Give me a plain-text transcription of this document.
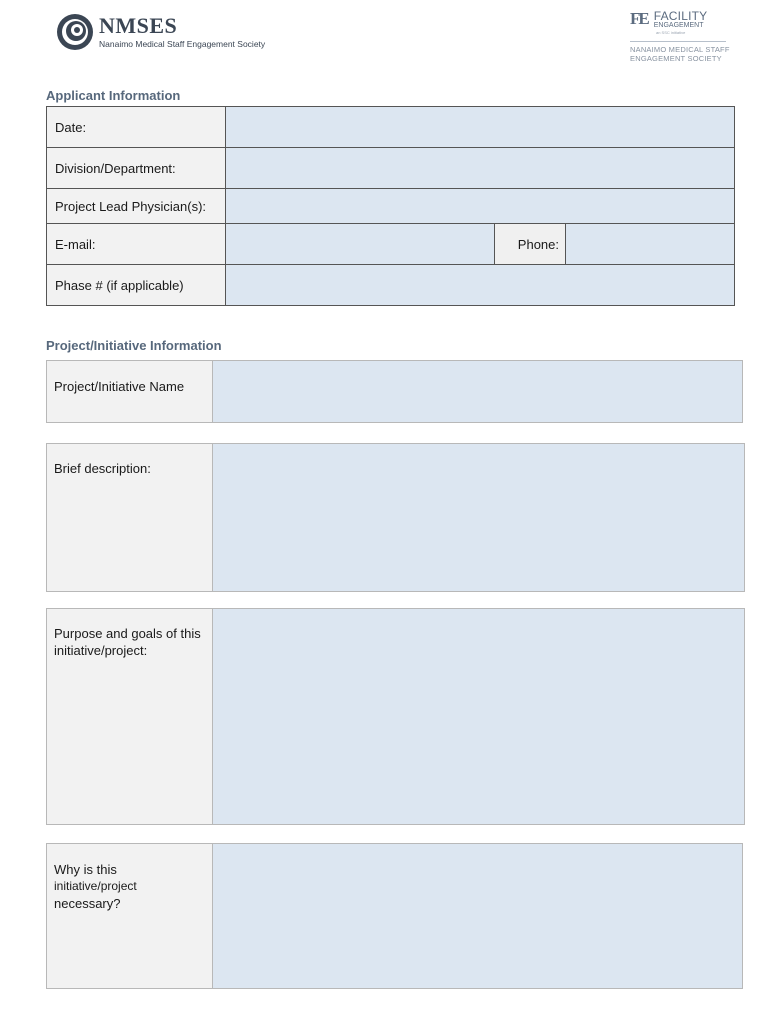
NMSES
Nanaimo Medical Staff Engagement Society
FE FACILITY
ENGAGEMENT
an SSC initiative
NANAIMO MEDICAL STAFF
ENGAGEMENT SOCIETY
Applicant Information
Date:			
Division/Department:			
Project Lead Physician(s):			
E-mail:		Phone:	
Phase # (if applicable)			
Project/Initiative Information
Project/Initiative Name
Brief description:
Purpose and goals of this initiative/project:
Why is this
initiative/project
necessary?
